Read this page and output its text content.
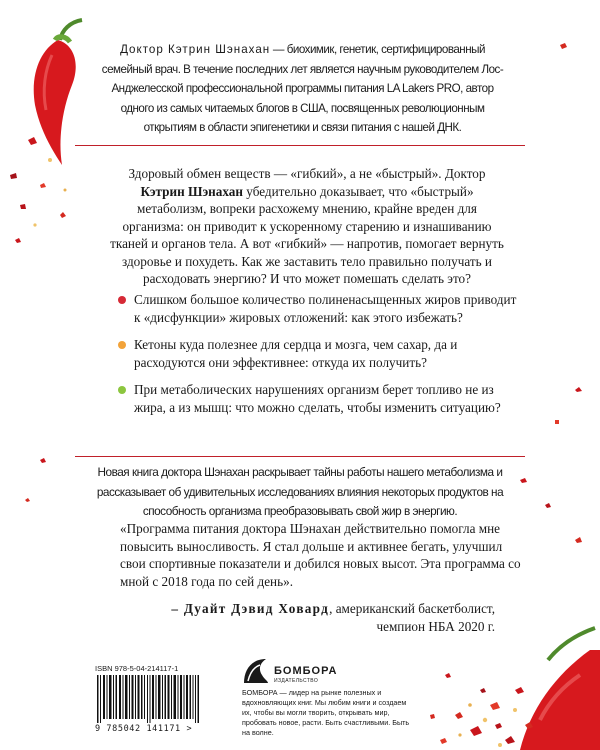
Доктор Кэтрин Шэнахан — биохимик, генетик, сертифицированный семейный врач. В течение последних лет является научным руководителем Лос-Анджелесской профессиональной программы питания LA Lakers PRO, автор одного из самых читаемых блогов в США, посвященных революционным открытиям в области эпигенетики и связи питания с нашей ДНК.
Здоровый обмен веществ — «гибкий», а не «быстрый». Доктор Кэтрин Шэнахан убедительно доказывает, что «быстрый» метаболизм, вопреки расхожему мнению, крайне вреден для организма: он приводит к ускоренному старению и изнашиванию тканей и органов тела. А вот «гибкий» — напротив, помогает вернуть здоровье и похудеть. Как же заставить тело правильно получать и расходовать энергию? И что может помешать сделать это?
Слишком большое количество полиненасыщенных жиров приводит к «дисфункции» жировых отложений: как этого избежать?
Кетоны куда полезнее для сердца и мозга, чем сахар, да и расходуются они эффективнее: откуда их получить?
При метаболических нарушениях организм берет топливо не из жира, а из мышц: что можно сделать, чтобы изменить ситуацию?
Новая книга доктора Шэнахан раскрывает тайны работы нашего метаболизма и рассказывает об удивительных исследованиях влияния некоторых продуктов на способность организма преобразовывать свой жир в энергию.
«Программа питания доктора Шэнахан действительно помогла мне повысить выносливость. Я стал дольше и активнее бегать, улучшил свои спортивные показатели и добился новых высот. Эта программа со мной с 2018 года по сей день».
– Дуайт Дэвид Ховард, американский баскетболист,
чемпион НБА 2020 г.
ISBN 978-5-04-214117-1
9 785042 141171 >
БОМБОРА
ИЗДАТЕЛЬСТВО
БОМБОРА — лидер на рынке полезных и вдохновляющих книг. Мы любим книги и создаем их, чтобы вы могли творить, открывать мир, пробовать новое, расти. Быть счастливыми. Быть на волне.
